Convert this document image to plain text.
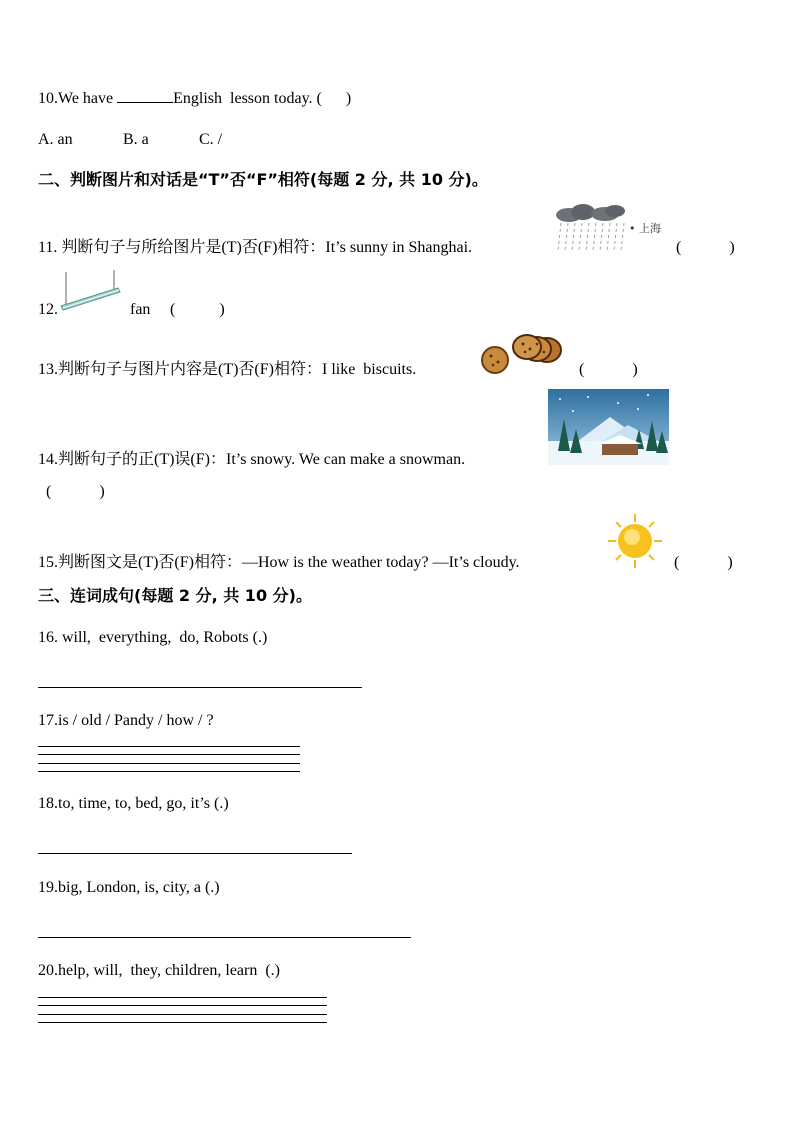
10.We have	English  lesson today. (      )
A. an	B. a	C. /
二、判断图片和对话是“T”否“F”相符(每题 2 分, 共 10 分)。
11. 判断句子与所给图片是(T)否(F)相符：It’s sunny in Shanghai.
• 上海
(            )
12.	fan (           )
13.判断句子与图片内容是(T)否(F)相符：I like  biscuits.	(            )
14.判断句子的正(T)误(F)：It’s snowy. We can make a snowman.
(            )
15.判断图文是(T)否(F)相符：—How is the weather today? —It’s cloudy.	(            )
三、连词成句(每题 2 分, 共 10 分)。
16. will,  everything,  do, Robots (.)
17.is / old / Pandy / how / ?
18.to, time, to, bed, go, it’s (.)
19.big, London, is, city, a (.)
20.help, will,  they, children, learn  (.)
